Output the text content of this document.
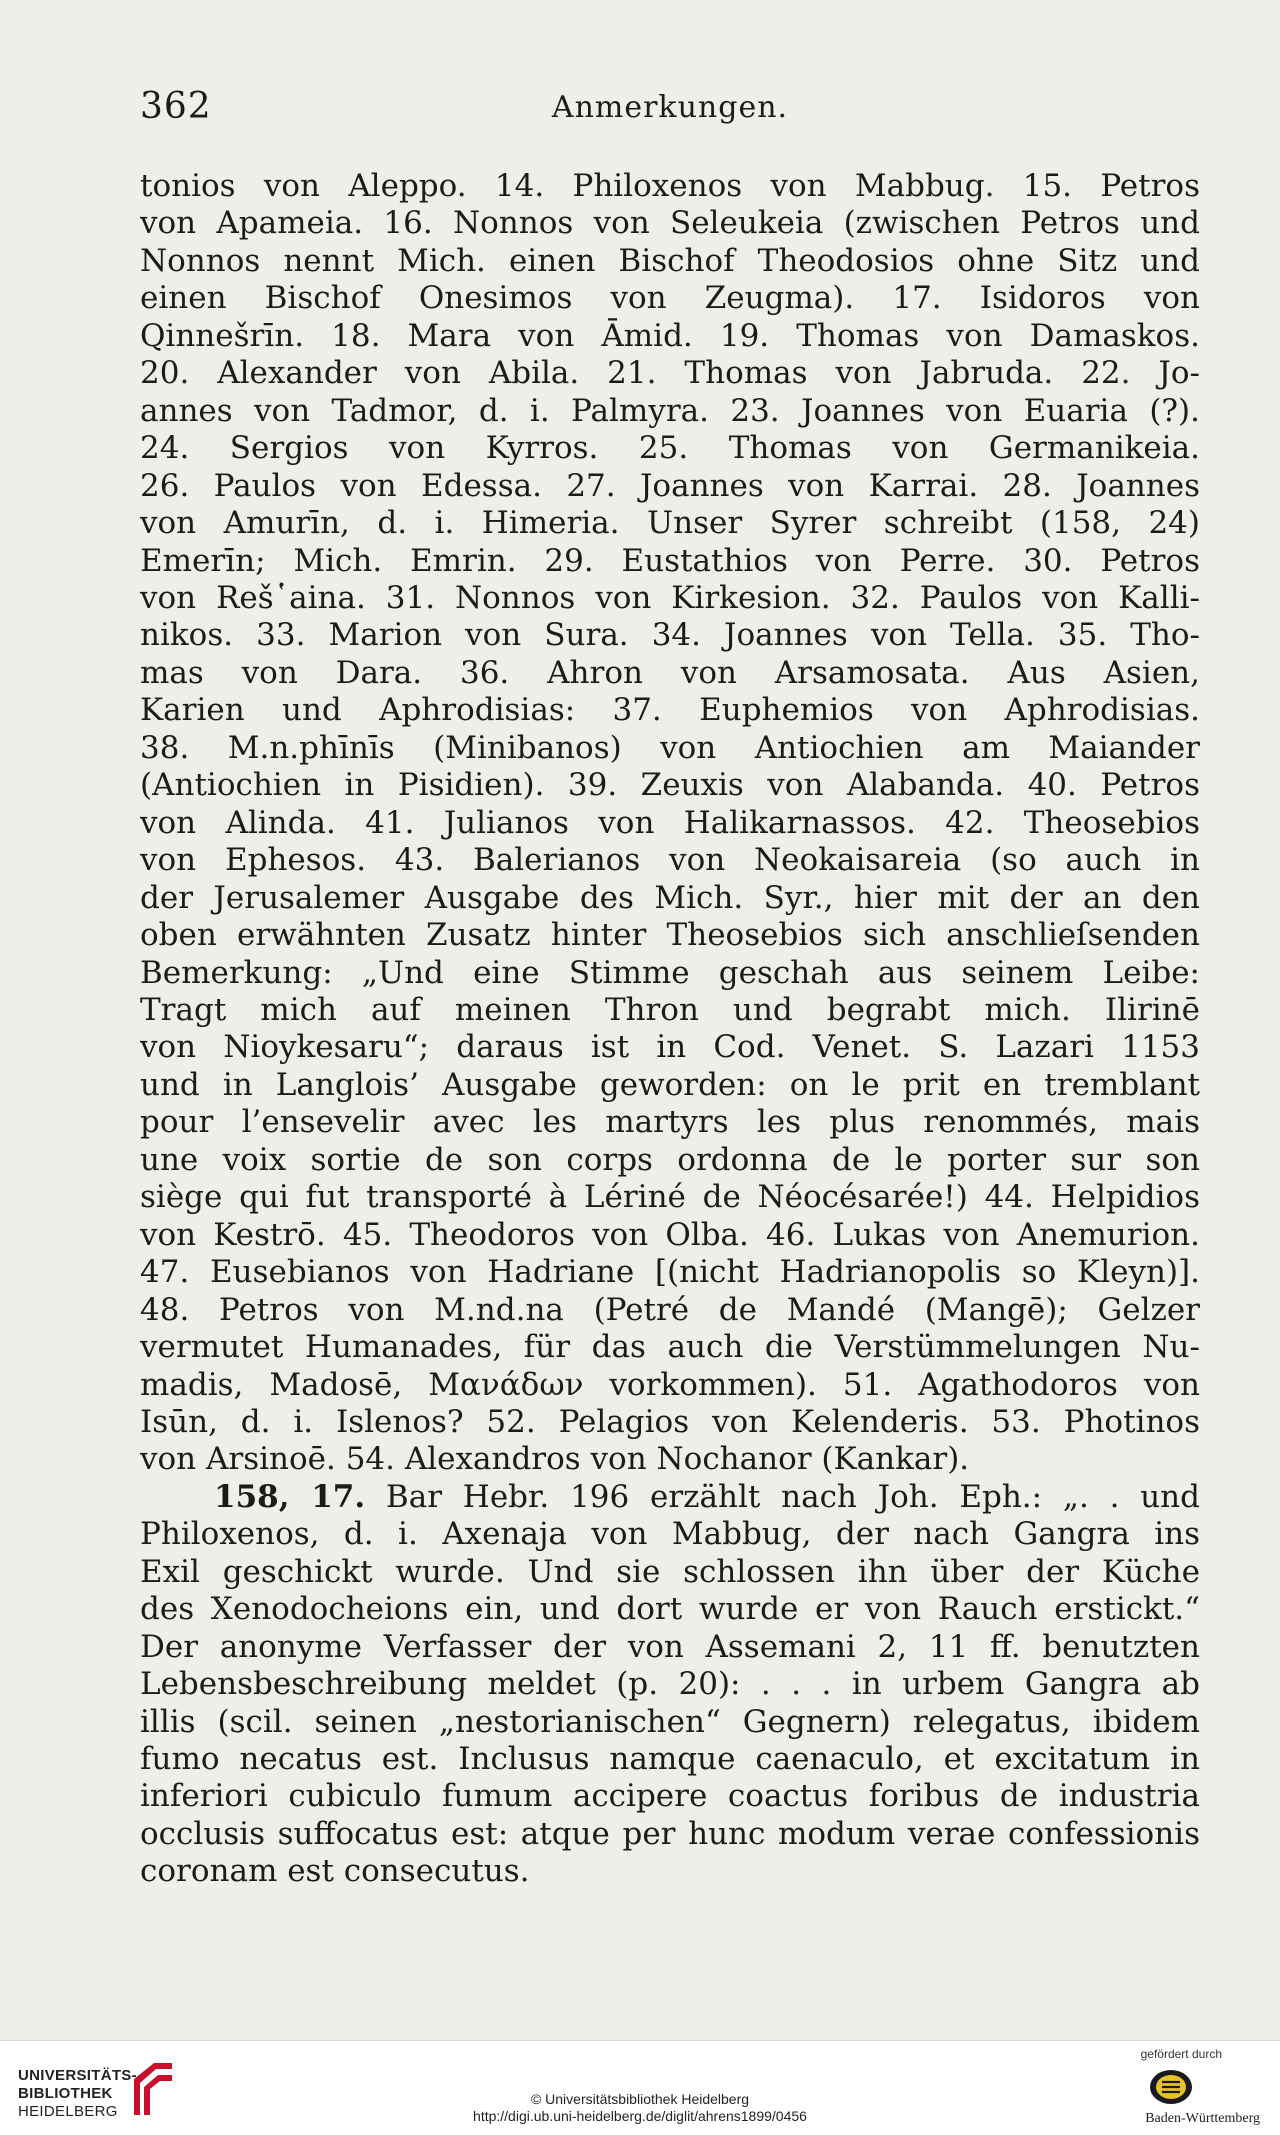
Anmerkungen.
362
tonios von Aleppo. 14. Philoxenos von Mabbug. 15. Petros
von Apameia. 16. Nonnos von Seleukeia (zwischen Petros und
Nonnos nennt Mich. einen Bischof Theodosios ohne Sitz und
einen Bischof Onesimos von Zeugma). 17. Isidoros von
Qinnešrīn. 18. Mara von Āmid. 19. Thomas von Damaskos.
20. Alexander von Abila. 21. Thomas von Jabruda. 22. Jo-
annes von Tadmor, d. i. Palmyra. 23. Joannes von Euaria (?).
24. Sergios von Kyrros. 25. Thomas von Germanikeia.
26. Paulos von Edessa. 27. Joannes von Karrai. 28. Joannes
von Amurīn, d. i. Himeria. Unser Syrer schreibt (158, 24)
Emerīn; Mich. Emrin. 29. Eustathios von Perre. 30. Petros
von Reš῾aina. 31. Nonnos von Kirkesion. 32. Paulos von Kalli-
nikos. 33. Marion von Sura. 34. Joannes von Tella. 35. Tho-
mas von Dara. 36. Ahron von Arsamosata. Aus Asien,
Karien und Aphrodisias: 37. Euphemios von Aphrodisias.
38. M.n.phīnīs (Minibanos) von Antiochien am Maiander
(Antiochien in Pisidien). 39. Zeuxis von Alabanda. 40. Petros
von Alinda. 41. Julianos von Halikarnassos. 42. Theosebios
von Ephesos. 43. Balerianos von Neokaisareia (so auch in
der Jerusalemer Ausgabe des Mich. Syr., hier mit der an den
oben erwähnten Zusatz hinter Theosebios sich anschlieſsenden
Bemerkung: „Und eine Stimme geschah aus seinem Leibe:
Tragt mich auf meinen Thron und begrabt mich. Ilirinē
von Nioykesaru“; daraus ist in Cod. Venet. S. Lazari 1153
und in Langlois’ Ausgabe geworden: on le prit en tremblant
pour l’ensevelir avec les martyrs les plus renommés, mais
une voix sortie de son corps ordonna de le porter sur son
siège qui fut transporté à Lériné de Néocésarée!) 44. Helpidios
von Kestrō. 45. Theodoros von Olba. 46. Lukas von Anemurion.
47. Eusebianos von Hadriane [(nicht Hadrianopolis so Kleyn)].
48. Petros von M.nd.na (Petré de Mandé (Mangē); Gelzer
vermutet Humanades, für das auch die Verstümmelungen Nu-
madis, Madosē, Μανάδων vorkommen). 51. Agathodoros von
Isūn, d. i. Islenos? 52. Pelagios von Kelenderis. 53. Photinos
von Arsinoē. 54. Alexandros von Nochanor (Kankar).
158, 17. Bar Hebr. 196 erzählt nach Joh. Eph.: „. . und
Philoxenos, d. i. Axenaja von Mabbug, der nach Gangra ins
Exil geschickt wurde. Und sie schlossen ihn über der Küche
des Xenodocheions ein, und dort wurde er von Rauch erstickt.“
Der anonyme Verfasser der von Assemani 2, 11 ff. benutzten
Lebensbeschreibung meldet (p. 20): . . . in urbem Gangra ab
illis (scil. seinen „nestorianischen“ Gegnern) relegatus, ibidem
fumo necatus est. Inclusus namque caenaculo, et excitatum in
inferiori cubiculo fumum accipere coactus foribus de industria
occlusis suffocatus est: atque per hunc modum verae confessionis
coronam est consecutus.
UNIVERSITÄTS-
BIBLIOTHEK
HEIDELBERG
© Universitätsbibliothek Heidelberg
http://digi.ub.uni-heidelberg.de/diglit/ahrens1899/0456
gefördert durch
Baden-Württemberg
